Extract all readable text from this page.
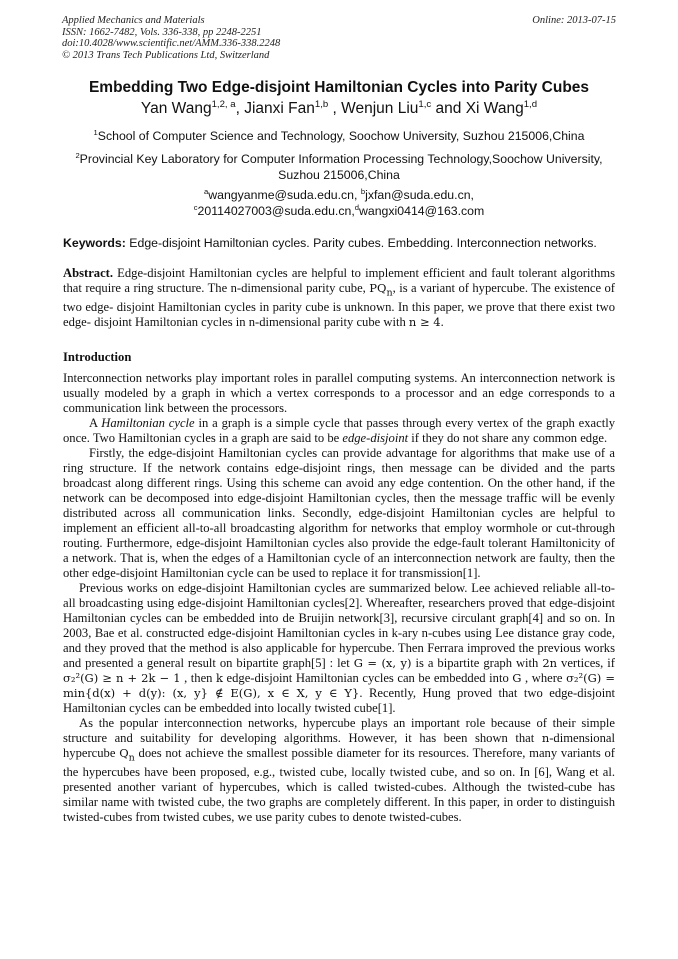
Applied Mechanics and Materials
ISSN: 1662-7482, Vols. 336-338, pp 2248-2251
doi:10.4028/www.scientific.net/AMM.336-338.2248
© 2013 Trans Tech Publications Ltd, Switzerland
Online: 2013-07-15
Embedding Two Edge-disjoint Hamiltonian Cycles into Parity Cubes
Yan Wang$^{1,2, a}$, Jianxi Fan$^{1,b}$ , Wenjun Liu$^{1,c}$ and Xi Wang$^{1,d}$
$^1$School of Computer Science and Technology, Soochow University, Suzhou 215006,China
$^2$Provincial Key Laboratory for Computer Information Processing Technology,Soochow University,
Suzhou 215006,China
$^a$wangyanme@suda.edu.cn, $^b$jxfan@suda.edu.cn,
$^c$20114027003@suda.edu.cn,$^d$wangxi0414@163.com
Keywords: Edge-disjoint Hamiltonian cycles. Parity cubes. Embedding. Interconnection networks.

Abstract. Edge-disjoint Hamiltonian cycles are helpful to implement efficient and fault tolerant algorithms that require a ring structure. The n-dimensional parity cube, $PQ_n$, is a variant of hypercube. The existence of two edge- disjoint Hamiltonian cycles in parity cube is unknown. In this paper, we prove that there exist two edge- disjoint Hamiltonian cycles in n-dimensional parity cube with n ≥ 4.

Introduction

Interconnection networks play important roles in parallel computing systems. An interconnection network is usually modeled by a graph in which a vertex corresponds to a processor and an edge corresponds to a communication link between the processors.

A Hamiltonian cycle in a graph is a simple cycle that passes through every vertex of the graph exactly once. Two Hamiltonian cycles in a graph are said to be edge-disjoint if they do not share any common edge.

Firstly, the edge-disjoint Hamiltonian cycles can provide advantage for algorithms that make use of a ring structure. If the network contains edge-disjoint rings, then message can be divided and the parts broadcast along different rings. Using this scheme can avoid any edge contention. On the other hand, if the network can be decomposed into edge-disjoint Hamiltonian cycles, then the message traffic will be evenly distributed across all communication links. Secondly, edge-disjoint Hamiltonian cycles are helpful to implement an efficient all-to-all broadcasting algorithm for networks that employ wormhole or cut-through routing. Furthermore, edge-disjoint Hamiltonian cycles also provide the edge-fault tolerant Hamiltonicity of a network. That is, when the edges of a Hamiltonian cycle of an interconnection network are faulty, then the other edge-disjoint Hamiltonian cycle can be used to replace it for transmission[1].

Previous works on edge-disjoint Hamiltonian cycles are summarized below. Lee achieved reliable all-to-all broadcasting using edge-disjoint Hamiltonian cycles[2]. Whereafter, researchers proved that edge-disjoint Hamiltonian cycles can be embedded into de Bruijin network[3], recursive circulant graph[4] and so on. In 2003, Bae et al. constructed edge-disjoint Hamiltonian cycles in k-ary n-cubes using Lee distance gray code, and they proved that the method is also applicable for hypercube. Then Ferrara improved the previous works and presented a general result on bipartite graph[5] : let G = (x, y) is a bipartite graph with 2n vertices, if σ₂²(G) ≥ n + 2k − 1 , then k edge-disjoint Hamiltonian cycles can be embedded into G , where σ₂²(G) = min{d(x) + d(y): (x, y} ∉ E(G), x ∈ X, y ∈ Y}. Recently, Hung proved that two edge-disjoint Hamiltonian cycles can be embedded into locally twisted cube[1].

As the popular interconnection networks, hypercube plays an important role because of their simple structure and suitability for developing algorithms. However, it has been shown that n-dimensional hypercube $Q_n$ does not achieve the smallest possible diameter for its resources. Therefore, many variants of the hypercubes have been proposed, e.g., twisted cube, locally twisted cube, and so on. In [6], Wang et al. presented another variant of hypercubes, which is called twisted-cubes. Although the twisted-cube has similar name with twisted cube, the two graphs are completely different. In this paper, in order to distinguish twisted-cubes from twisted cubes, we use parity cubes to denote twisted-cubes.
